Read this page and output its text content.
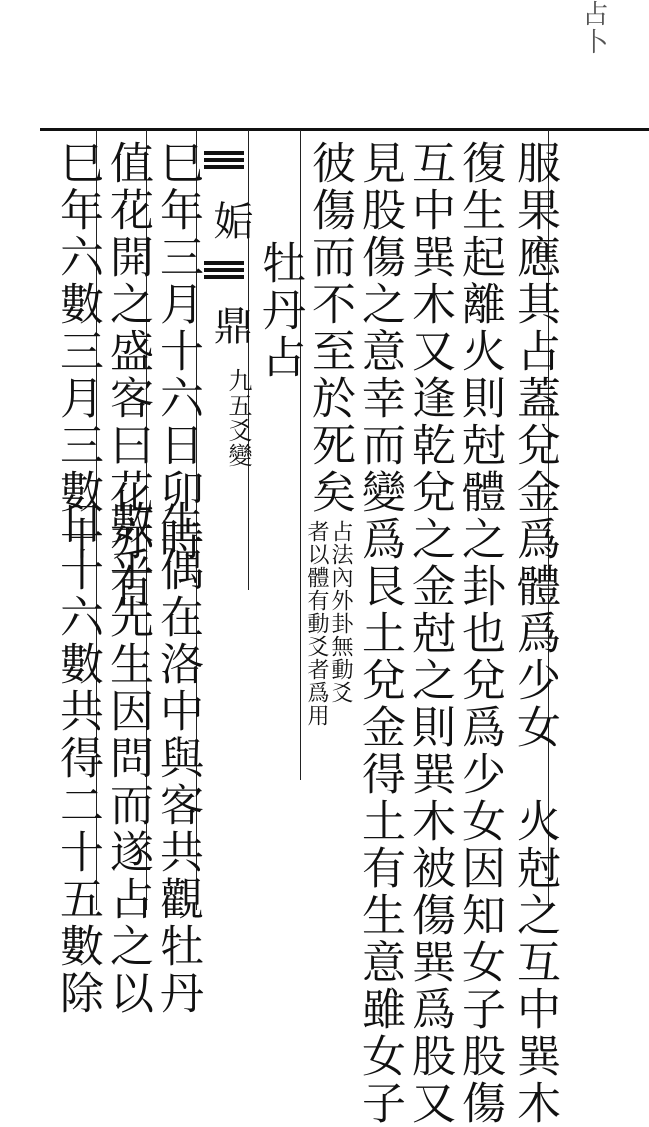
占卜
服果應其占蓋兌金爲體爲少女　火尅之互中巽木
復生起離火則尅體之卦也兌爲少女因知女子股傷
互中巽木又逢乾兌之金尅之則巽木被傷巽爲股又
見股傷之意幸而變爲艮土兌金得土有生意雖女子
彼傷而不至於死矣
占法內外卦無動爻
者以體有動爻者爲用
牡丹占
姤
鼎
九五爻變
巳年三月十六日卯時
生偶在洛中與客共觀牡丹
值花開之盛客曰花亦有
數乎先生因問而遂占之以
巳年六數三月三數十
日十六數共得二十五數除
